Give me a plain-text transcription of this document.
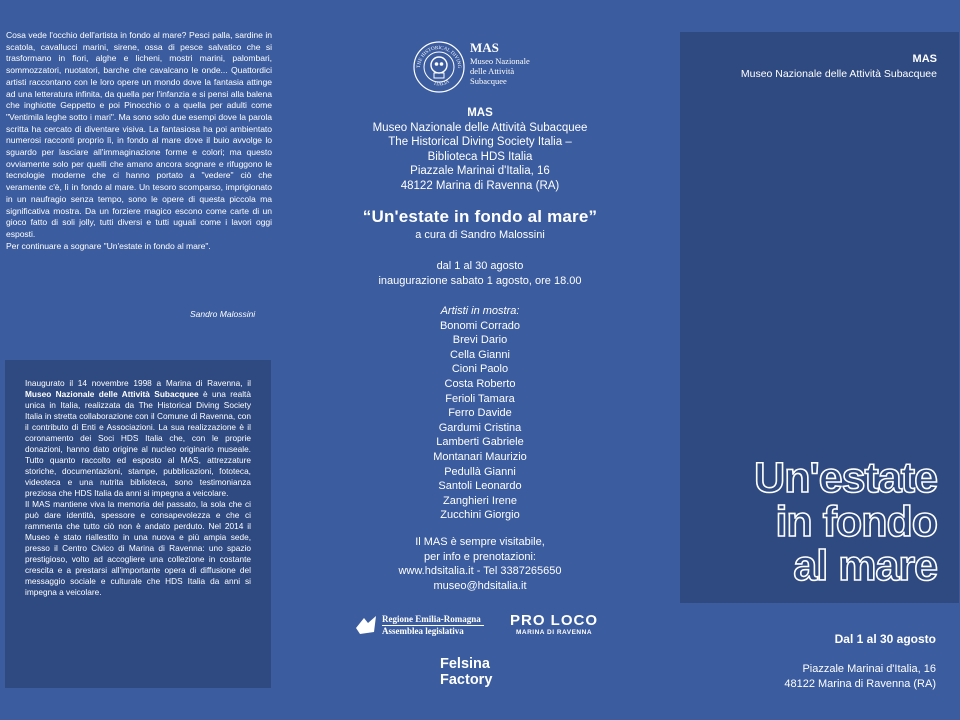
Cosa vede l'occhio dell'artista in fondo al mare? Pesci palla, sardine in scatola, cavallucci marini, sirene, ossa di pesce salvatico che si trasformano in fiori, alghe e licheni, mostri marini, palombari, sommozzatori, nuotatori, barche che cavalcano le onde... Quattordici artisti raccontano con le loro opere un mondo dove la fantasia attinge ad una letteratura infinita, da quella per l'infanzia e si pensi alla balena che inghiotte Geppetto e poi Pinocchio o a quella per adulti come "Ventimila leghe sotto i mari". Ma sono solo due esempi dove la parola scritta ha cercato di diventare visiva. La fantasiosa ha poi ambientato numerosi racconti proprio lì, in fondo al mare dove il buio avvolge lo sguardo per lasciare all'immaginazione forme e colori; ma questo ovviamente solo per quelli che amano ancora sognare e rifuggono le tecnologie moderne che ci hanno portato a "vedere" ciò che veramente c'è, lì in fondo al mare. Un tesoro scomparso, imprigionato in un naufragio senza tempo, sono le opere di questa piccola ma significativa mostra. Da un forziere magico escono come carte di un gioco fatto di soli jolly, tutti diversi e tutti uguali come i lavori oggi esposti.

Per continuare a sognare "Un'estate in fondo al mare".

Sandro Malossini

Inaugurato il 14 novembre 1998 a Marina di Ravenna, il Museo Nazionale delle Attività Subacquee è una realtà unica in Italia, realizzata da The Historical Diving Society Italia in stretta collaborazione con il Comune di Ravenna, con il contributo di Enti e Associazioni. La sua realizzazione è il coronamento dei Soci HDS Italia che, con le proprie donazioni, hanno dato origine al nucleo originario museale. Tutto quanto raccolto ed esposto al MAS, attrezzature storiche, documentazioni, stampe, pubblicazioni, fototeca, videoteca e una nutrita biblioteca, sono testimonianza preziosa che HDS Italia da anni si impegna a veicolare.

Il MAS mantiene viva la memoria del passato, la sola che ci può dare identità, spessore e consapevolezza e che ci rammenta che tutto ciò non è andato perduto. Nel 2014 il Museo è stato riallestito in una nuova e più ampia sede, presso il Centro Civico di Marina di Ravenna: uno spazio prestigioso, volto ad accogliere una collezione in costante crescita e a prestarsi all'importante opera di diffusione del messaggio sociale e culturale che HDS Italia da anni si impegna a veicolare.

THE HISTORICAL DIVING
ITALIA
MAS
Museo Nazionale
delle Attività
Subacquee
MAS
Museo Nazionale delle Attività Subacquee
The Historical Diving Society Italia –
Biblioteca HDS Italia
Piazzale Marinai d'Italia, 16
48122 Marina di Ravenna (RA)
“Un'estate in fondo al mare”
a cura di Sandro Malossini
dal 1 al 30 agosto
inaugurazione sabato 1 agosto, ore 18.00
Artisti in mostra:
Bonomi Corrado
Brevi Dario
Cella Gianni
Cioni Paolo
Costa Roberto
Ferioli Tamara
Ferro Davide
Gardumi Cristina
Lamberti Gabriele
Montanari Maurizio
Pedullà Gianni
Santoli Leonardo
Zanghieri Irene
Zucchini Giorgio
Il MAS è sempre visitabile,
per info e prenotazioni:
www.hdsitalia.it - Tel 3387265650
museo@hdsitalia.it
Regione Emilia-Romagna
Assemblea legislativa
PRO LOCO
MARINA DI RAVENNA
Felsina
Factory
MAS
Museo Nazionale delle Attività Subacquee
Un'estate
in fondo
al mare
Dal 1 al 30 agosto
Piazzale Marinai d'Italia, 16
48122 Marina di Ravenna (RA)
